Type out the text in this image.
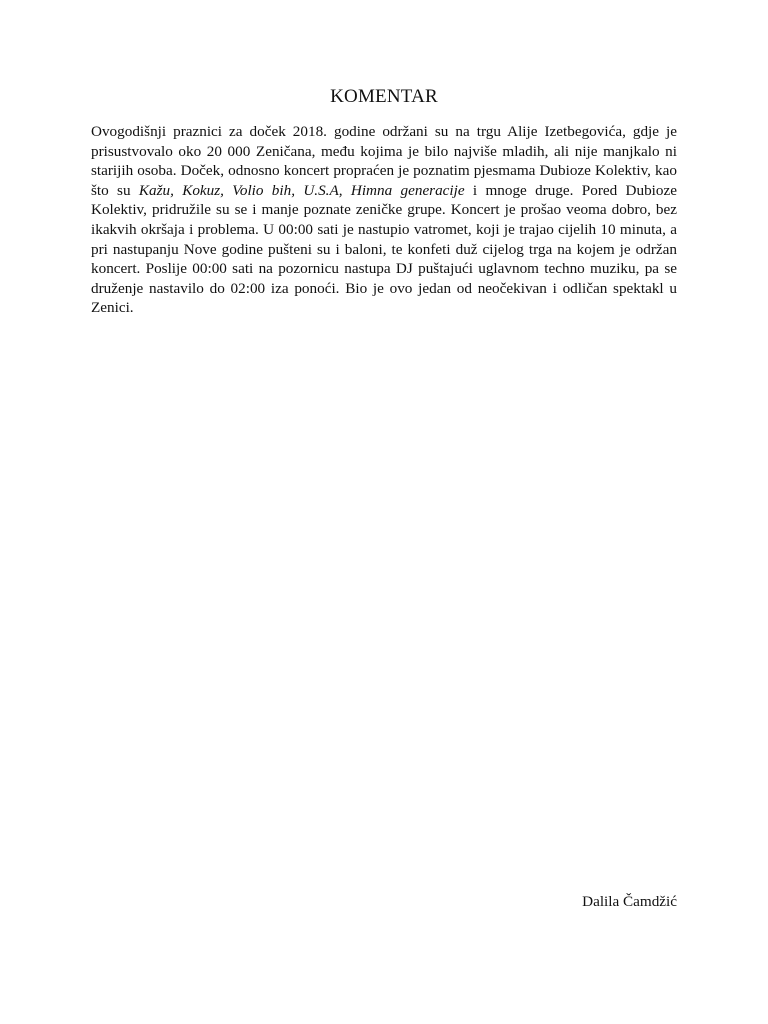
KOMENTAR

Ovogodišnji praznici za doček 2018. godine održani su na trgu Alije Izetbegovića, gdje je prisustvovalo oko 20 000 Zeničana, među kojima je bilo najviše mladih, ali nije manjkalo ni starijih osoba. Doček, odnosno koncert propraćen je poznatim pjesmama Dubioze Kolektiv, kao što su Kažu, Kokuz, Volio bih, U.S.A, Himna generacije i mnoge druge. Pored Dubioze Kolektiv, pridružile su se i manje poznate zeničke grupe. Koncert je prošao veoma dobro, bez ikakvih okršaja i problema. U 00:00 sati je nastupio vatromet, koji je trajao cijelih 10 minuta, a pri nastupanju Nove godine pušteni su i baloni, te konfeti duž cijelog trga na kojem je održan koncert. Poslije 00:00 sati na pozornicu nastupa DJ puštajući uglavnom techno muziku, pa se druženje nastavilo do 02:00 iza ponoći. Bio je ovo jedan od neočekivan i odličan spektakl u Zenici.

Dalila Čamdžić
